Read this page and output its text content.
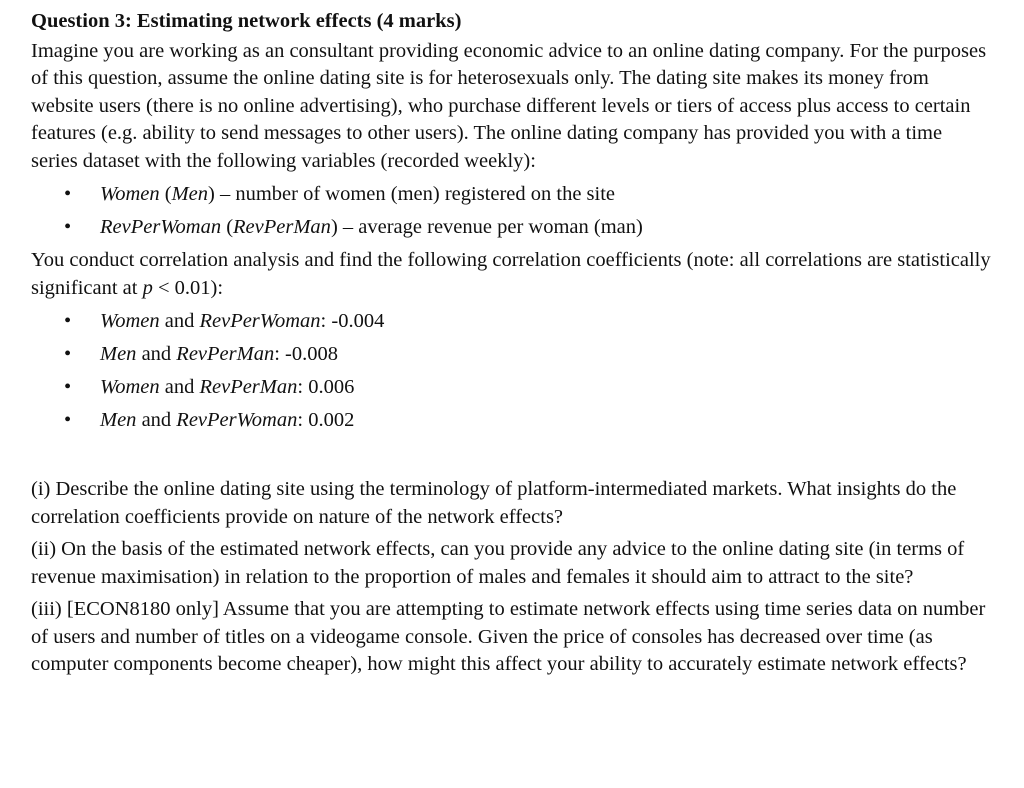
Question 3: Estimating network effects (4 marks)

Imagine you are working as an consultant providing economic advice to an online dating company. For the purposes of this question, assume the online dating site is for heterosexuals only. The dating site makes its money from website users (there is no online advertising), who purchase different levels or tiers of access plus access to certain features (e.g. ability to send messages to other users). The online dating company has provided you with a time series dataset with the following variables (recorded weekly):

• Women (Men) – number of women (men) registered on the site
• RevPerWoman (RevPerMan) – average revenue per woman (man)

You conduct correlation analysis and find the following correlation coefficients (note: all correlations are statistically significant at p < 0.01):

• Women and RevPerWoman: -0.004
• Men and RevPerMan: -0.008
• Women and RevPerMan: 0.006
• Men and RevPerWoman: 0.002

(i) Describe the online dating site using the terminology of platform-intermediated markets. What insights do the correlation coefficients provide on nature of the network effects?

(ii) On the basis of the estimated network effects, can you provide any advice to the online dating site (in terms of revenue maximisation) in relation to the proportion of males and females it should aim to attract to the site?

(iii) [ECON8180 only] Assume that you are attempting to estimate network effects using time series data on number of users and number of titles on a videogame console. Given the price of consoles has decreased over time (as computer components become cheaper), how might this affect your ability to accurately estimate network effects?
